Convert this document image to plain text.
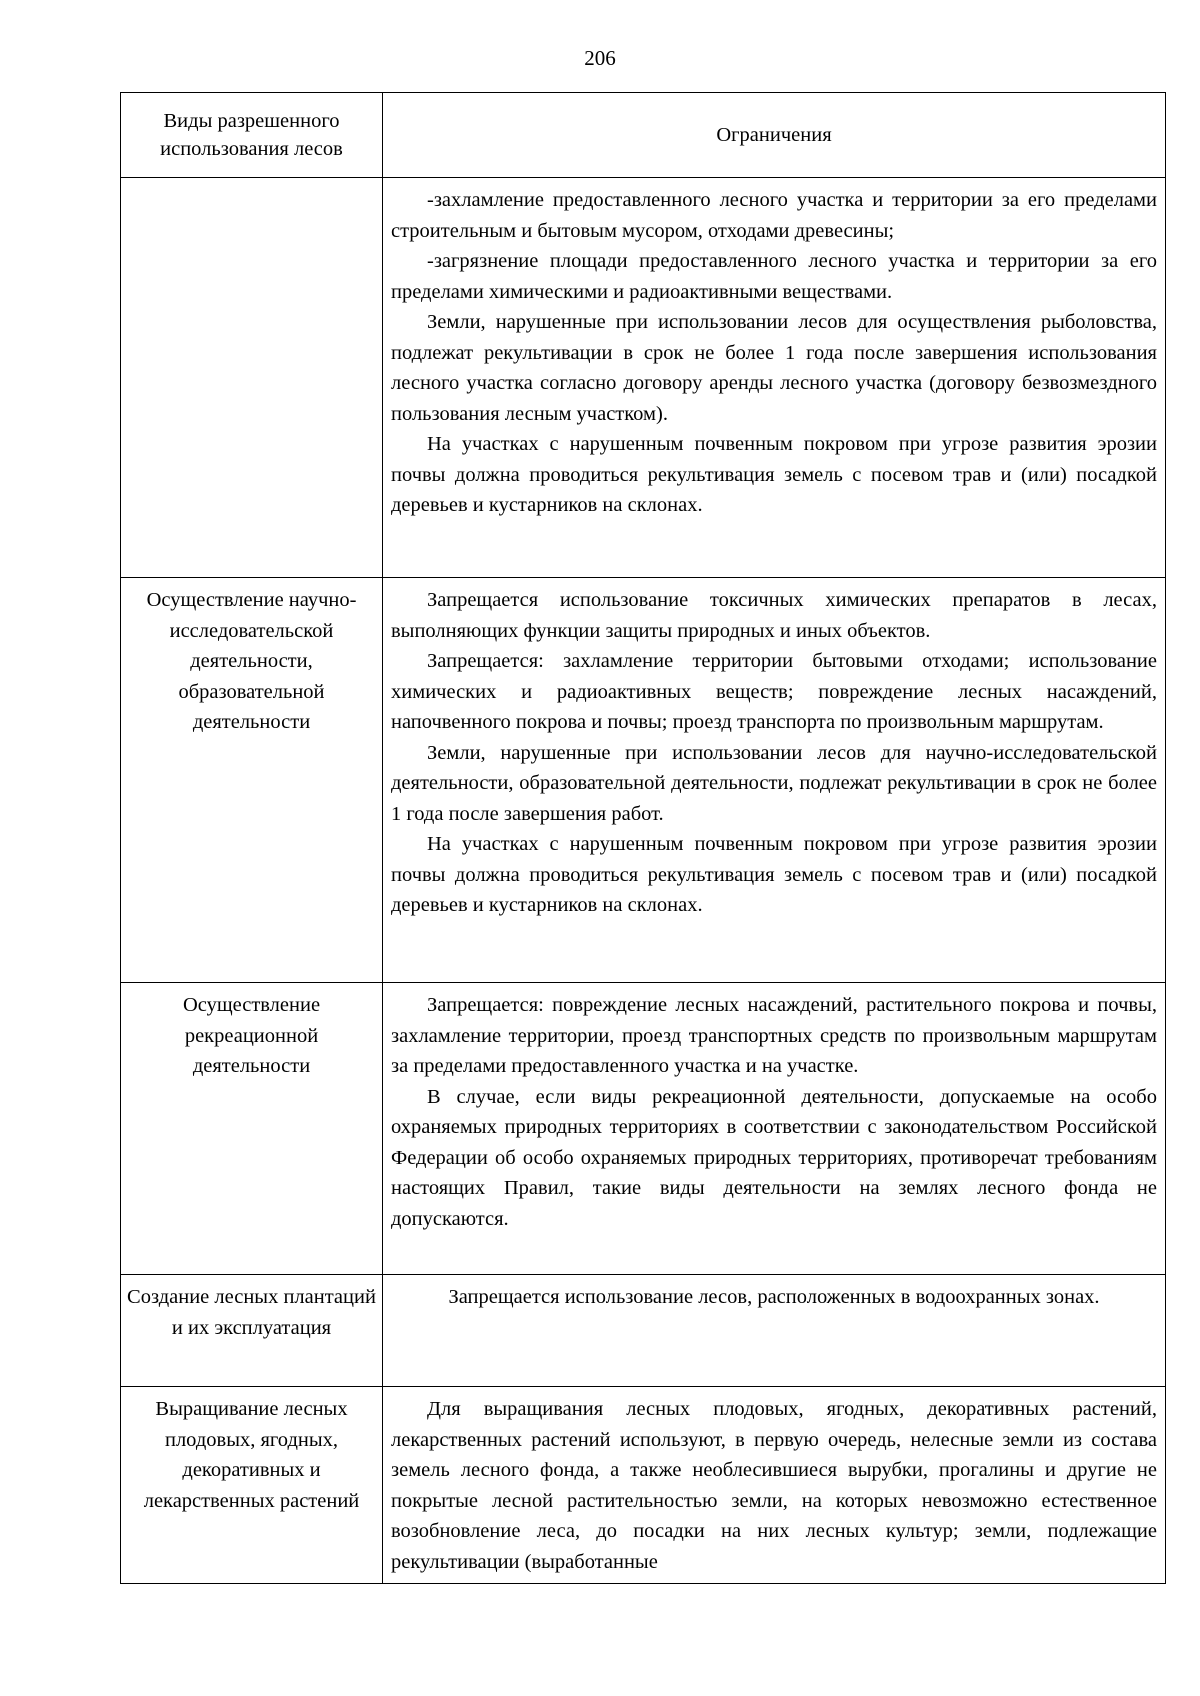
206
Виды разрешенного использования лесов	Ограничения

	-захламление предоставленного лесного участка и территории за его пределами строительным и бытовым мусором, отходами древесины;

-загрязнение площади предоставленного лесного участка и территории за его пределами химическими и радиоактивными веществами.

Земли, нарушенные при использовании лесов для осуществления рыболовства, подлежат рекультивации в срок не более 1 года после завершения использования лесного участка согласно договору аренды лесного участка (договору безвозмездного пользования лесным участком).

На участках с нарушенным почвенным покровом при угрозе развития эрозии почвы должна проводиться рекультивация земель с посевом трав и (или) посадкой деревьев и кустарников на склонах.

Осуществление научно-исследовательской деятельности, образовательной деятельности	Запрещается использование токсичных химических препаратов в лесах, выполняющих функции защиты природных и иных объектов.

Запрещается: захламление территории бытовыми отходами; использование химических и радиоактивных веществ; повреждение лесных насаждений, напочвенного покрова и почвы; проезд транспорта по произвольным маршрутам.

Земли, нарушенные при использовании лесов для научно-исследовательской деятельности, образовательной деятельности, подлежат рекультивации в срок не более 1 года после завершения работ.

На участках с нарушенным почвенным покровом при угрозе развития эрозии почвы должна проводиться рекультивация земель с посевом трав и (или) посадкой деревьев и кустарников на склонах.

Осуществление рекреационной деятельности	Запрещается: повреждение лесных насаждений, растительного покрова и почвы, захламление территории, проезд транспортных средств по произвольным маршрутам за пределами предоставленного участка и на участке.

В случае, если виды рекреационной деятельности, допускаемые на особо охраняемых природных территориях в соответствии с законодательством Российской Федерации об особо охраняемых природных территориях, противоречат требованиям настоящих Правил, такие виды деятельности на землях лесного фонда не допускаются.

Создание лесных плантаций и их эксплуатация	Запрещается использование лесов, расположенных в водоохранных зонах.

Выращивание лесных плодовых, ягодных, декоративных и лекарственных растений	Для выращивания лесных плодовых, ягодных, декоративных растений, лекарственных растений используют, в первую очередь, нелесные земли из состава земель лесного фонда, а также необлесившиеся вырубки, прогалины и другие не покрытые лесной растительностью земли, на которых невозможно естественное возобновление леса, до посадки на них лесных культур; земли, подлежащие рекультивации (выработанные
